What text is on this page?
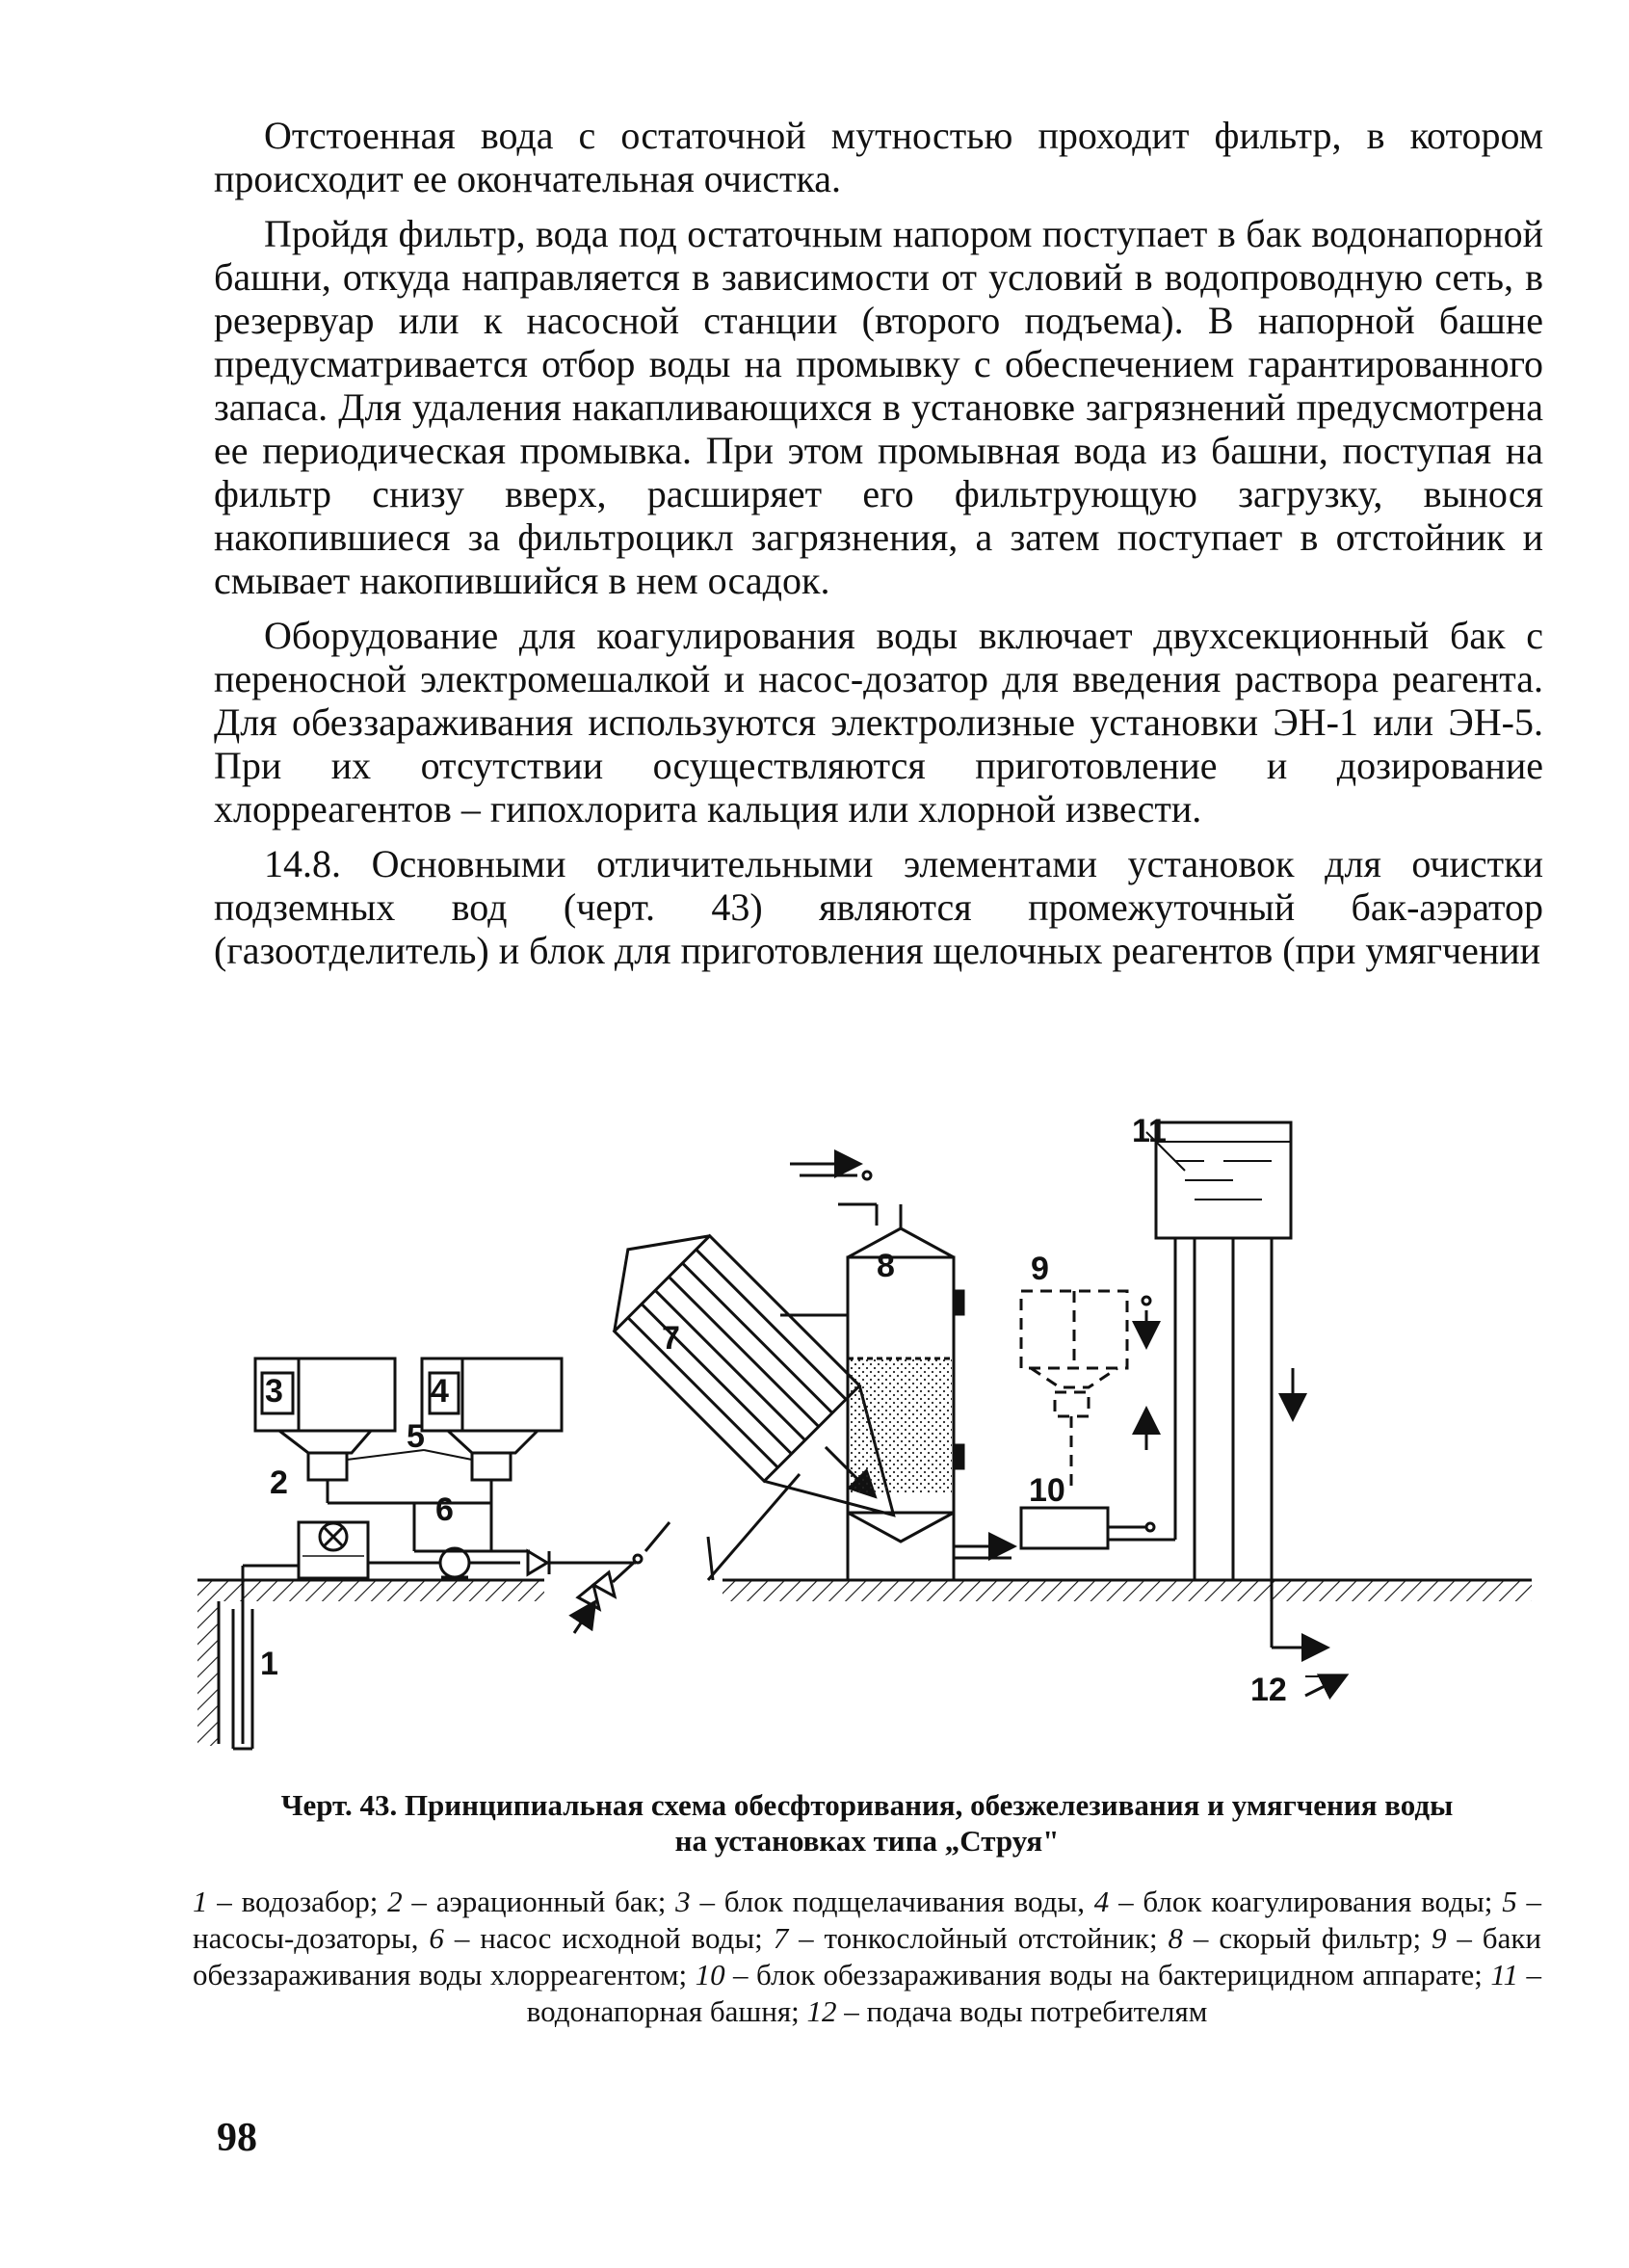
Отстоенная вода с остаточной мутностью проходит фильтр, в котором происходит ее окончательная очистка.

Пройдя фильтр, вода под остаточным напором поступает в бак водонапорной башни, откуда направляется в зависимости от условий в водопроводную сеть, в резервуар или к насосной станции (второго подъема). В напорной башне предусматривается отбор воды на промывку с обеспечением гарантированного запаса. Для удаления накапливающихся в установке загрязнений предусмотрена ее периодическая промывка. При этом промывная вода из башни, поступая на фильтр снизу вверх, расширяет его фильтрующую загрузку, вынося накопившиеся за фильтроцикл загрязнения, а затем поступает в отстойник и смывает накопившийся в нем осадок.

Оборудование для коагулирования воды включает двухсекционный бак с переносной электромешалкой и насос-дозатор для введения раствора реагента. Для обеззараживания используются электролизные установки ЭН-1 или ЭН-5. При их отсутствии осуществляются приготовление и дозирование хлорреагентов – гипохлорита кальция или хлорной извести.

14.8. Основными отличительными элементами установок для очистки подземных вод (черт. 43) являются промежуточный бак-аэратор (газоотделитель) и блок для приготовления щелочных реагентов (при умягчении

3	4
5
2
6
7
8	9
10
11
12
1
Черт. 43. Принципиальная схема обесфторивания, обезжелезивания и умягчения воды
на установках типа „Струя"
1 – водозабор; 2 – аэрационный бак; 3 – блок подщелачивания воды, 4 – блок коагулирования воды; 5 – насосы-дозаторы, 6 – насос исходной воды; 7 – тонкослойный отстойник; 8 – скорый фильтр; 9 – баки обеззараживания воды хлорреагентом; 10 – блок обеззараживания воды на бактерицидном аппарате; 11 – водонапорная башня; 12 – подача воды потребителям
98
